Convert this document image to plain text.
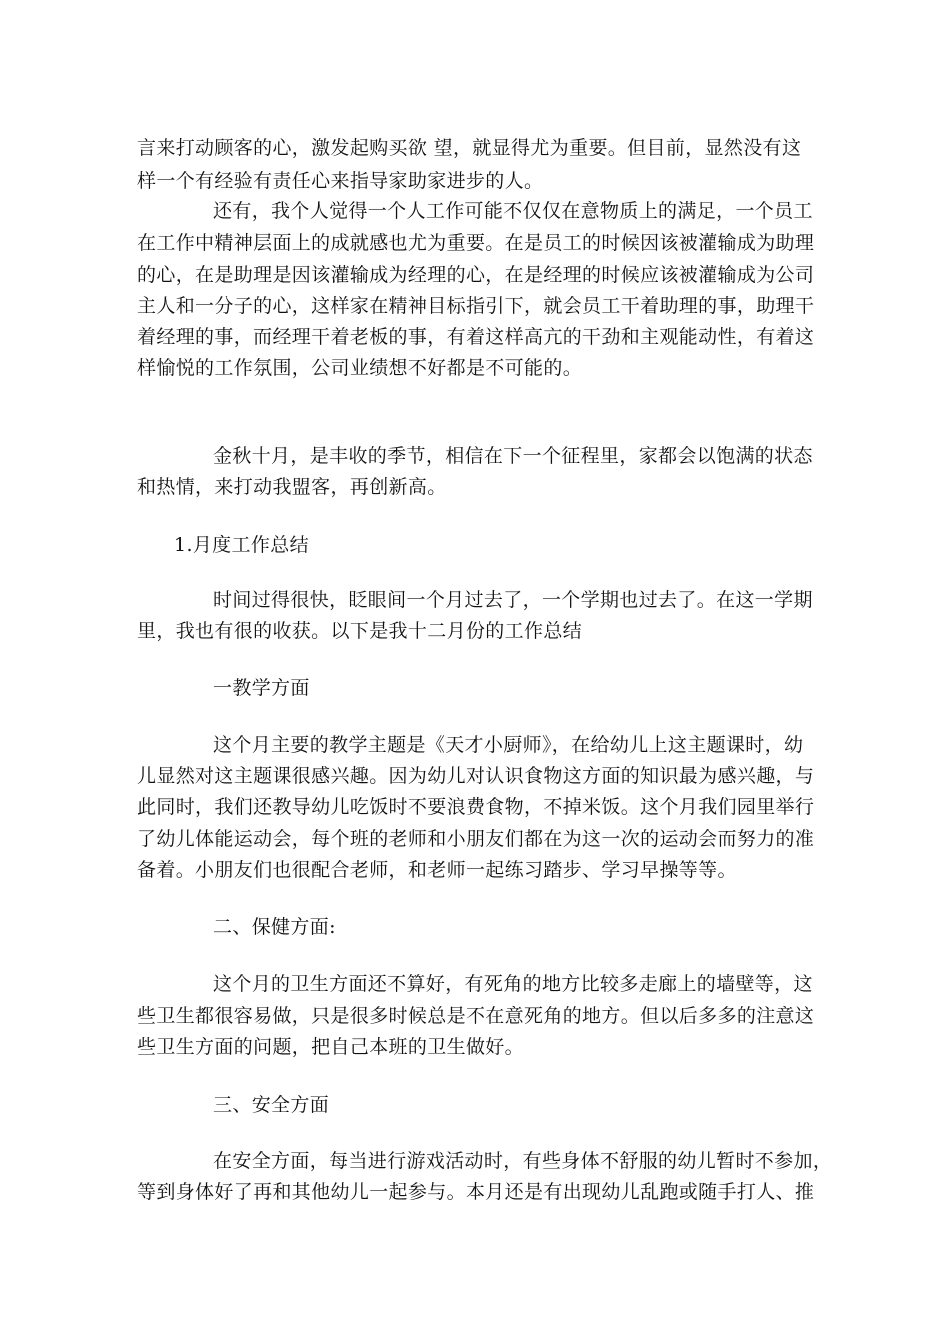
言来打动顾客的心，激发起购买欲 望，就显得尤为重要。但目前，显然没有这
样一个有经验有责任心来指导家助家进步的人。
还有，我个人觉得一个人工作可能不仅仅在意物质上的满足，一个员工
在工作中精神层面上的成就感也尤为重要。在是员工的时候因该被灌输成为助理
的心，在是助理是因该灌输成为经理的心，在是经理的时候应该被灌输成为公司
主人和一分子的心，这样家在精神目标指引下，就会员工干着助理的事，助理干
着经理的事，而经理干着老板的事，有着这样高亢的干劲和主观能动性，有着这
样愉悦的工作氛围，公司业绩想不好都是不可能的。
金秋十月，是丰收的季节，相信在下一个征程里，家都会以饱满的状态
和热情，来打动我盟客，再创新高。
1.月度工作总结
时间过得很快，眨眼间一个月过去了，一个学期也过去了。在这一学期
里，我也有很的收获。以下是我十二月份的工作总结
一教学方面
这个月主要的教学主题是《天才小厨师》，在给幼儿上这主题课时，幼
儿显然对这主题课很感兴趣。因为幼儿对认识食物这方面的知识最为感兴趣，与
此同时，我们还教导幼儿吃饭时不要浪费食物，不掉米饭。这个月我们园里举行
了幼儿体能运动会，每个班的老师和小朋友们都在为这一次的运动会而努力的准
备着。小朋友们也很配合老师，和老师一起练习踏步、学习早操等等。
二、保健方面:
这个月的卫生方面还不算好，有死角的地方比较多走廊上的墙壁等，这
些卫生都很容易做，只是很多时候总是不在意死角的地方。但以后多多的注意这
些卫生方面的问题，把自己本班的卫生做好。
三、安全方面
在安全方面，每当进行游戏活动时，有些身体不舒服的幼儿暂时不参加，
等到身体好了再和其他幼儿一起参与。本月还是有出现幼儿乱跑或随手打人、推
